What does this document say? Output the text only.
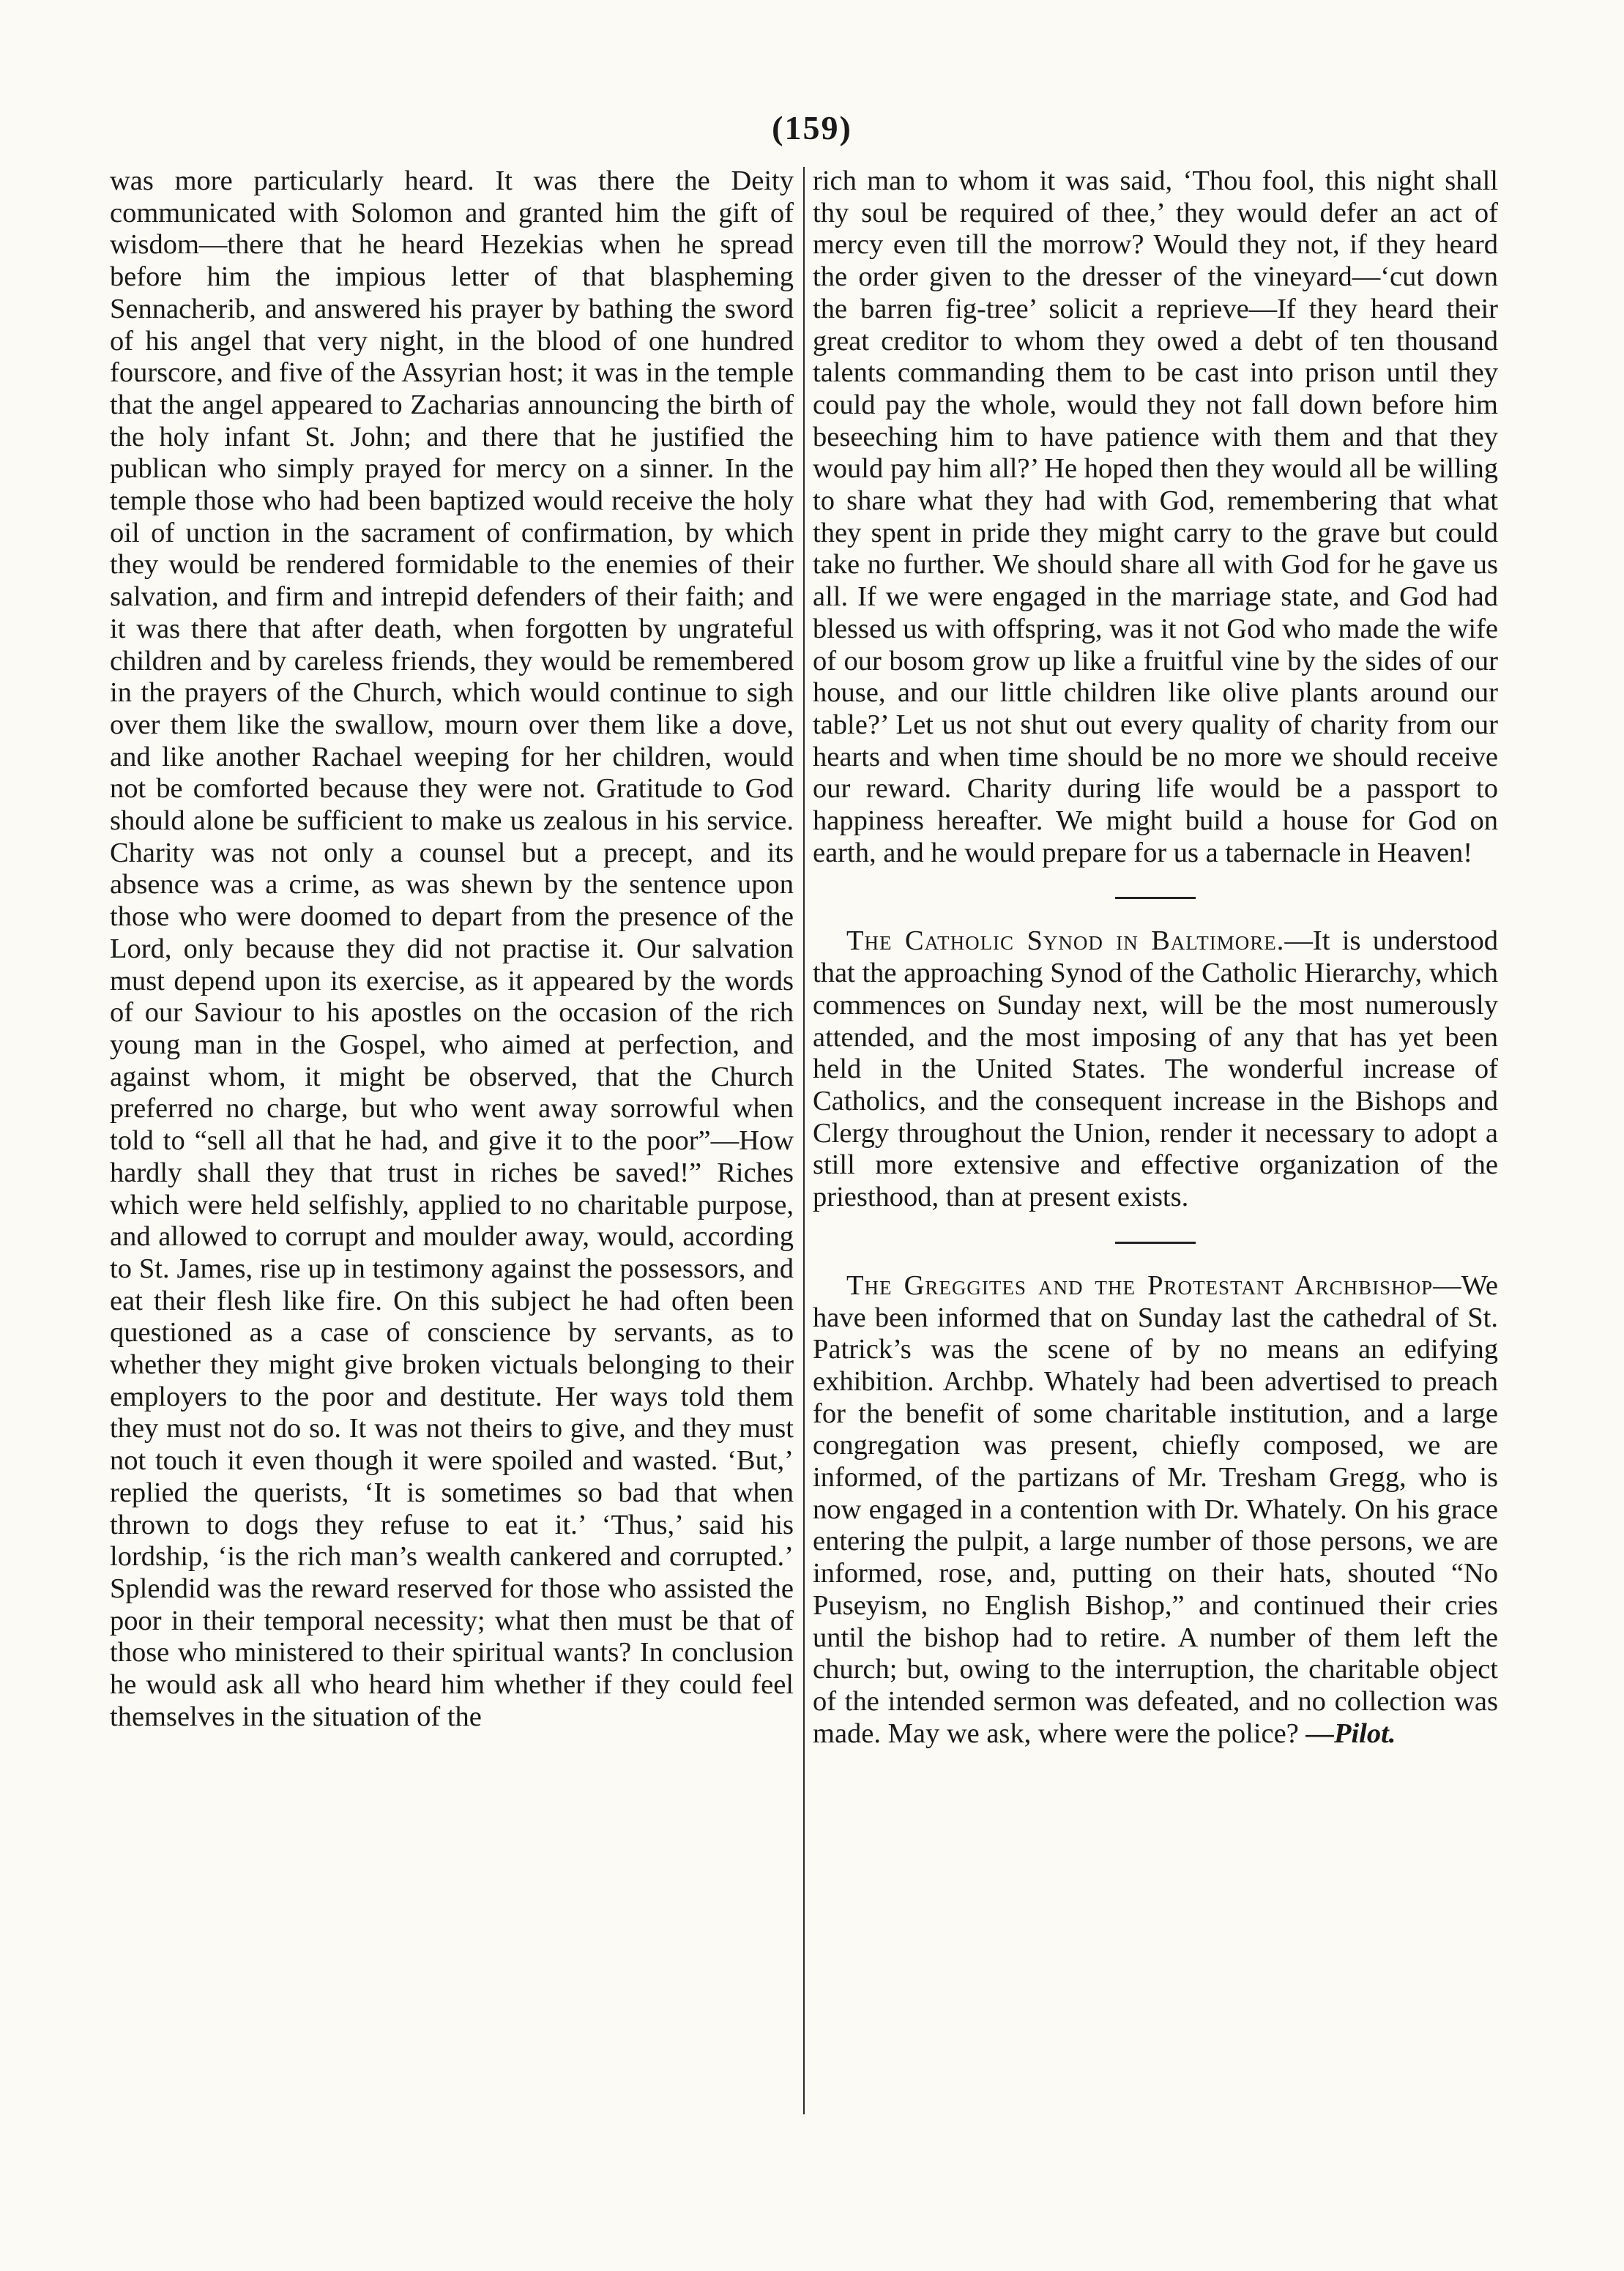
(159)

was more particularly heard. It was there the Deity communicated with Solomon and granted him the gift of wisdom—there that he heard Hezekias when he spread before him the impious letter of that blaspheming Sennacherib, and answered his prayer by bathing the sword of his angel that very night, in the blood of one hundred fourscore, and five of the Assyrian host; it was in the temple that the angel appeared to Zacharias announcing the birth of the holy infant St. John; and there that he justified the publican who simply prayed for mercy on a sinner. In the temple those who had been baptized would receive the holy oil of unction in the sacrament of confirmation, by which they would be rendered formidable to the enemies of their salvation, and firm and intrepid defenders of their faith; and it was there that after death, when forgotten by ungrateful children and by careless friends, they would be remembered in the prayers of the Church, which would continue to sigh over them like the swallow, mourn over them like a dove, and like another Rachael weeping for her children, would not be comforted because they were not. Gratitude to God should alone be sufficient to make us zealous in his service. Charity was not only a counsel but a precept, and its absence was a crime, as was shewn by the sentence upon those who were doomed to depart from the presence of the Lord, only because they did not practise it. Our salvation must depend upon its exercise, as it appeared by the words of our Saviour to his apostles on the occasion of the rich young man in the Gospel, who aimed at perfection, and against whom, it might be observed, that the Church preferred no charge, but who went away sorrowful when told to “sell all that he had, and give it to the poor”—How hardly shall they that trust in riches be saved!” Riches which were held selfishly, applied to no charitable purpose, and allowed to corrupt and moulder away, would, according to St. James, rise up in testimony against the possessors, and eat their flesh like fire. On this subject he had often been questioned as a case of conscience by servants, as to whether they might give broken victuals belonging to their employers to the poor and destitute. Her ways told them they must not do so. It was not theirs to give, and they must not touch it even though it were spoiled and wasted. ‘But,’ replied the querists, ‘It is sometimes so bad that when thrown to dogs they refuse to eat it.’ ‘Thus,’ said his lordship, ‘is the rich man’s wealth cankered and corrupted.’ Splendid was the reward reserved for those who assisted the poor in their temporal necessity; what then must be that of those who ministered to their spiritual wants? In conclusion he would ask all who heard him whether if they could feel themselves in the situation of the

rich man to whom it was said, ‘Thou fool, this night shall thy soul be required of thee,’ they would defer an act of mercy even till the morrow? Would they not, if they heard the order given to the dresser of the vineyard—‘cut down the barren fig-tree’ solicit a reprieve—If they heard their great creditor to whom they owed a debt of ten thousand talents commanding them to be cast into prison until they could pay the whole, would they not fall down before him beseeching him to have patience with them and that they would pay him all?’ He hoped then they would all be willing to share what they had with God, remembering that what they spent in pride they might carry to the grave but could take no further. We should share all with God for he gave us all. If we were engaged in the marriage state, and God had blessed us with offspring, was it not God who made the wife of our bosom grow up like a fruitful vine by the sides of our house, and our little children like olive plants around our table?’ Let us not shut out every quality of charity from our hearts and when time should be no more we should receive our reward. Charity during life would be a passport to happiness hereafter. We might build a house for God on earth, and he would prepare for us a tabernacle in Heaven!

The Catholic Synod in Baltimore.—It is understood that the approaching Synod of the Catholic Hierarchy, which commences on Sunday next, will be the most numerously attended, and the most imposing of any that has yet been held in the United States. The wonderful increase of Catholics, and the consequent increase in the Bishops and Clergy throughout the Union, render it necessary to adopt a still more extensive and effective organization of the priesthood, than at present exists.

The Greggites and the Protestant Archbishop—We have been informed that on Sunday last the cathedral of St. Patrick’s was the scene of by no means an edifying exhibition. Archbp. Whately had been advertised to preach for the benefit of some charitable institution, and a large congregation was present, chiefly composed, we are informed, of the partizans of Mr. Tresham Gregg, who is now engaged in a contention with Dr. Whately. On his grace entering the pulpit, a large number of those persons, we are informed, rose, and, putting on their hats, shouted “No Puseyism, no English Bishop,” and continued their cries until the bishop had to retire. A number of them left the church; but, owing to the interruption, the charitable object of the intended sermon was defeated, and no collection was made. May we ask, where were the police? —Pilot.
